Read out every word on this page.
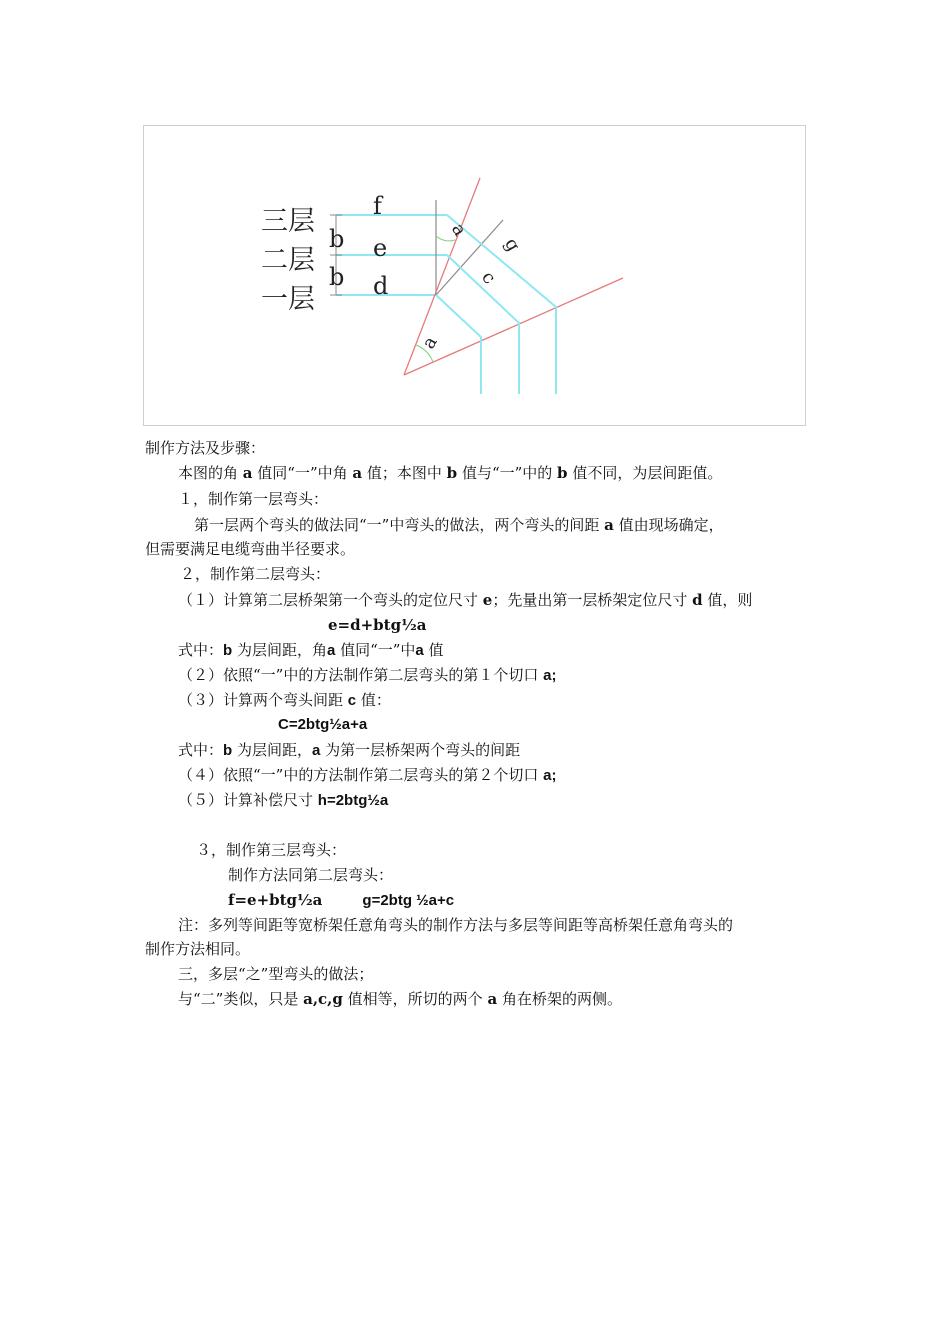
三层
二层
一层
b
b
f
e
d
a
g
c
a
制作方法及步骤：
本图的角 a 值同“一”中角 a 值；本图中 b 值与“一”中的 b 值不同，为层间距值。
１，制作第一层弯头：
第一层两个弯头的做法同“一”中弯头的做法，两个弯头的间距 a 值由现场确定，
但需要满足电缆弯曲半径要求。
２，制作第二层弯头：
（１）计算第二层桥架第一个弯头的定位尺寸 e；先量出第一层桥架定位尺寸 d 值，则
e=d+btg½a
式中：b 为层间距，角a 值同“一”中a 值
（２）依照“一”中的方法制作第二层弯头的第１个切口 a;
（３）计算两个弯头间距 c 值：
C=2btg½a+a
式中：b 为层间距，a 为第一层桥架两个弯头的间距
（４）依照“一”中的方法制作第二层弯头的第２个切口 a;
（５）计算补偿尺寸 h=2btg½a
３，制作第三层弯头：
制作方法同第二层弯头：
f=e+btg½a	g=2btg ½a+c
注：多列等间距等宽桥架任意角弯头的制作方法与多层等间距等高桥架任意角弯头的
制作方法相同。
三，多层“之”型弯头的做法；
与“二”类似，只是 a,c,g 值相等，所切的两个 a 角在桥架的两侧。
